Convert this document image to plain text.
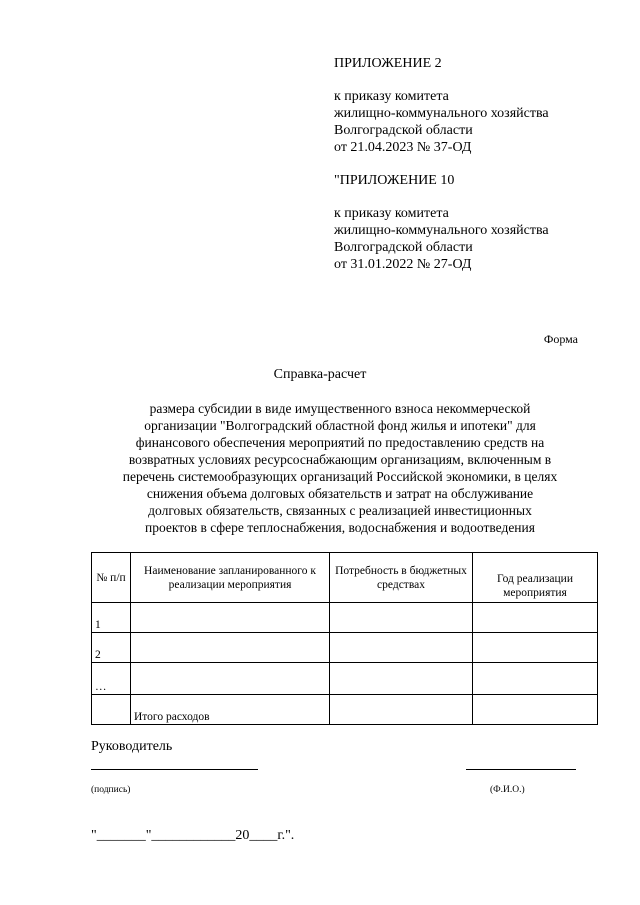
ПРИЛОЖЕНИЕ 2
к приказу комитета
жилищно-коммунального хозяйства
Волгоградской области
от 21.04.2023 № 37-ОД
"ПРИЛОЖЕНИЕ 10
к приказу комитета
жилищно-коммунального хозяйства
Волгоградской области
от 31.01.2022 № 27-ОД
Форма
Справка-расчет
размера субсидии в виде имущественного взноса некоммерческой
организации "Волгоградский областной фонд жилья и ипотеки" для
финансового обеспечения мероприятий по предоставлению средств на
возвратных условиях ресурсоснабжающим организациям, включенным в
перечень системообразующих организаций Российской экономики, в целях
снижения объема долговых обязательств и затрат на обслуживание
долговых обязательств, связанных с реализацией инвестиционных
проектов в сфере теплоснабжения, водоснабжения и водоотведения
№ п/п	Наименование запланированного к реализации мероприятия	Потребность в бюджетных средствах	Год реализации мероприятия
1			
2			
…			
	Итого расходов		
Руководитель
(подпись)	(Ф.И.О.)
"_______"____________20____г.".
